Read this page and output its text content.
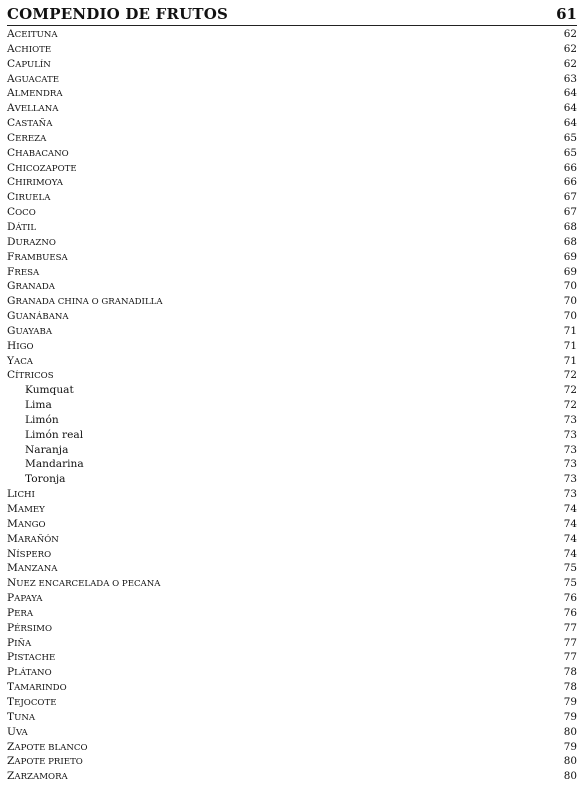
COMPENDIO DE FRUTOS	61
ACEITUNA	62
ACHIOTE	62
CAPULÍN	62
AGUACATE	63
ALMENDRA	64
AVELLANA	64
CASTAÑA	64
CEREZA	65
CHABACANO	65
CHICOZAPOTE	66
CHIRIMOYA	66
CIRUELA	67
COCO	67
DÁTIL	68
DURAZNO	68
FRAMBUESA	69
FRESA	69
GRANADA	70
GRANADA CHINA O GRANADILLA	70
GUANÁBANA	70
GUAYABA	71
HIGO	71
YACA	71
CÍTRICOS	72
Kumquat	72
Lima	72
Limón	73
Limón real	73
Naranja	73
Mandarina	73
Toronja	73
LICHI	73
MAMEY	74
MANGO	74
MARAÑÓN	74
NÍSPERO	74
MANZANA	75
NUEZ ENCARCELADA O PECANA	75
PAPAYA	76
PERA	76
PÉRSIMO	77
PIÑA	77
PISTACHE	77
PLÁTANO	78
TAMARINDO	78
TEJOCOTE	79
TUNA	79
UVA	80
ZAPOTE BLANCO	79
ZAPOTE PRIETO	80
ZARZAMORA	80
